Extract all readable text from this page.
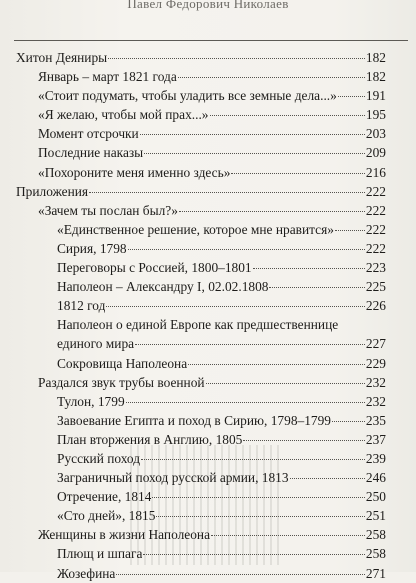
Павел Федорович Николаев
Хитон Деяниры	182
Январь – март 1821 года	182
«Стоит подумать, чтобы уладить все земные дела...» 191
«Я желаю, чтобы мой прах...»	195
Момент отсрочки	203
Последние наказы	209
«Похороните меня именно здесь»	216
Приложения	222
«Зачем ты послан был?»	222
«Единственное решение, которое мне нравится» 222
Сирия, 1798	222
Переговоры с Россией, 1800–1801	223
Наполеон – Александру I, 02.02.1808	225
1812 год	226
Наполеон о единой Европе как предшественнице
единого мира	227
Сокровища Наполеона	229
Раздался звук трубы военной	232
Тулон, 1799	232
Завоевание Египта и поход в Сирию, 1798–1799	235
План вторжения в Англию, 1805	237
Русский поход	239
Заграничный поход русской армии, 1813	246
Отречение, 1814	250
«Сто дней», 1815	251
Женщины в жизни Наполеона	258
Плющ и шпага	258
Жозефина	271
